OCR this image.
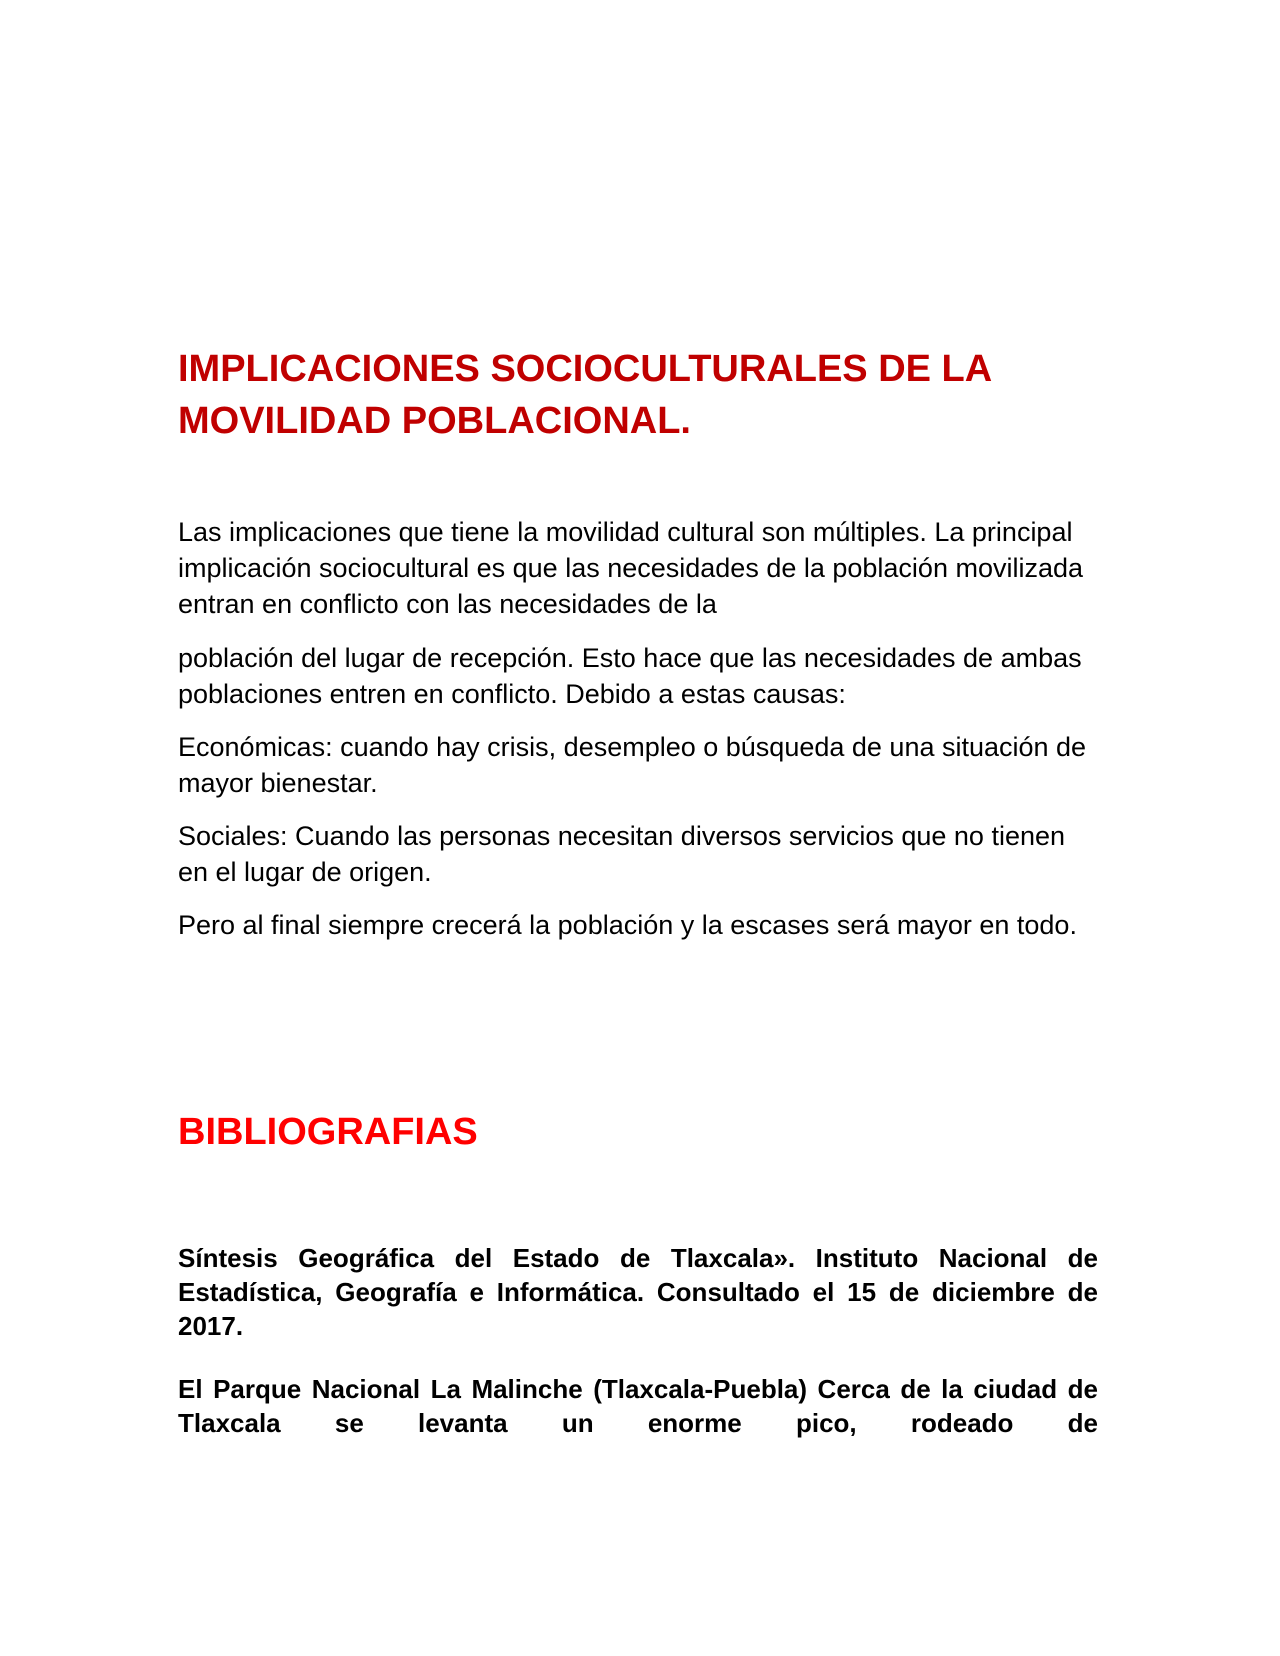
IMPLICACIONES SOCIOCULTURALES DE LA MOVILIDAD POBLACIONAL.

Las implicaciones que tiene la movilidad cultural son múltiples. La principal implicación sociocultural es que las necesidades de la población movilizada entran en conflicto con las necesidades de la

población del lugar de recepción. Esto hace que las necesidades de ambas poblaciones entren en conflicto. Debido a estas causas:

Económicas: cuando hay crisis, desempleo o búsqueda de una situación de mayor bienestar.

Sociales: Cuando las personas necesitan diversos servicios que no tienen en el lugar de origen.

Pero al final siempre crecerá la población y la escases será mayor en todo.

BIBLIOGRAFIAS

Síntesis Geográfica del Estado de Tlaxcala». Instituto Nacional de Estadística, Geografía e Informática. Consultado el 15 de diciembre de 2017.

El Parque Nacional La Malinche (Tlaxcala-Puebla) Cerca de la ciudad de Tlaxcala se levanta un enorme pico, rodeado de
